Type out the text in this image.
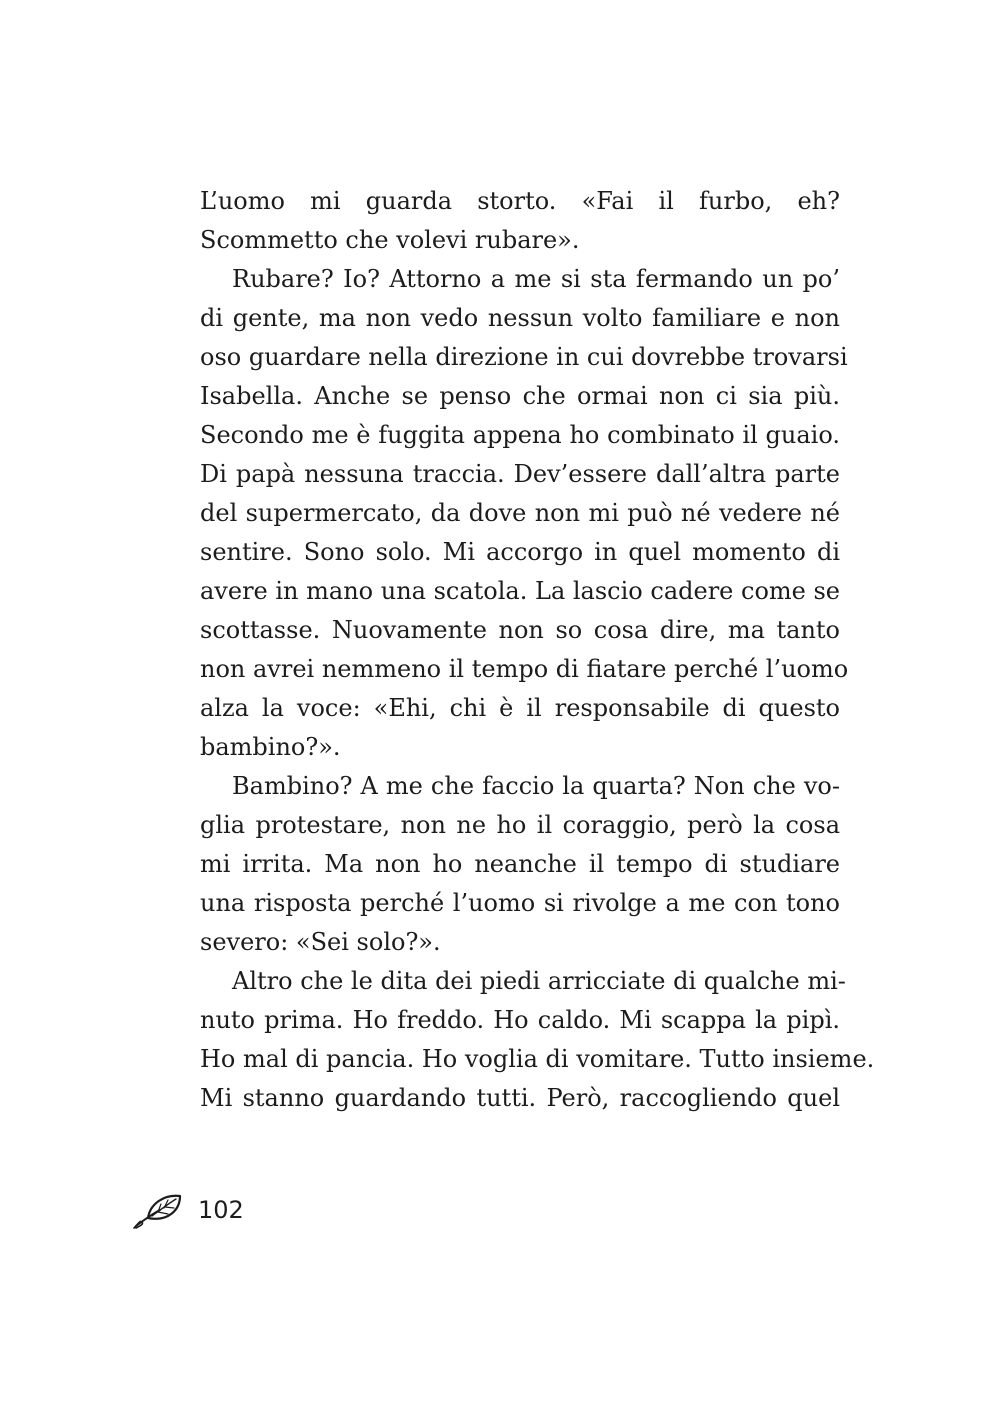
L’uomo mi guarda storto. «Fai il furbo, eh?
Scommetto che volevi rubare».

Rubare? Io? Attorno a me si sta fermando un po’
di gente, ma non vedo nessun volto familiare e non
oso guardare nella direzione in cui dovrebbe trovarsi
Isabella. Anche se penso che ormai non ci sia più.
Secondo me è fuggita appena ho combinato il guaio.
Di papà nessuna traccia. Dev’essere dall’altra parte
del supermercato, da dove non mi può né vedere né
sentire. Sono solo. Mi accorgo in quel momento di
avere in mano una scatola. La lascio cadere come se
scottasse. Nuovamente non so cosa dire, ma tanto
non avrei nemmeno il tempo di fiatare perché l’uomo
alza la voce: «Ehi, chi è il responsabile di questo
bambino?».

Bambino? A me che faccio la quarta? Non che vo-
glia protestare, non ne ho il coraggio, però la cosa
mi irrita. Ma non ho neanche il tempo di studiare
una risposta perché l’uomo si rivolge a me con tono
severo: «Sei solo?».

Altro che le dita dei piedi arricciate di qualche mi-
nuto prima. Ho freddo. Ho caldo. Mi scappa la pipì.
Ho mal di pancia. Ho voglia di vomitare. Tutto insieme.
Mi stanno guardando tutti. Però, raccogliendo quel

102
